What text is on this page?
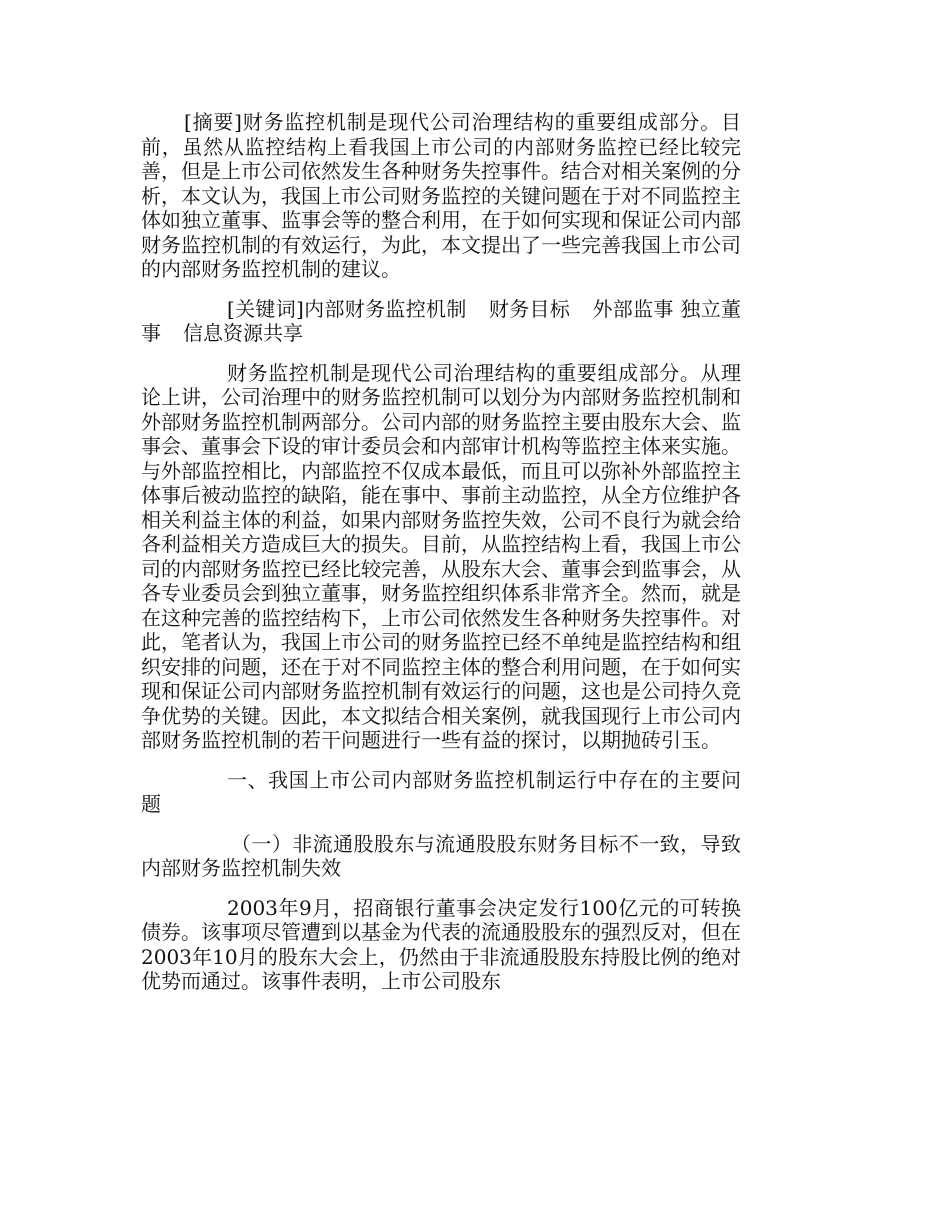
[摘要]财务监控机制是现代公司治理结构的重要组成部分。目前，虽然从监控结构上看我国上市公司的内部财务监控已经比较完善，但是上市公司依然发生各种财务失控事件。结合对相关案例的分析，本文认为，我国上市公司财务监控的关键问题在于对不同监控主体如独立董事、监事会等的整合利用，在于如何实现和保证公司内部财务监控机制的有效运行，为此，本文提出了一些完善我国上市公司的内部财务监控机制的建议。

[关键词]内部财务监控机制 财务目标 外部监事 独立董事 信息资源共享

财务监控机制是现代公司治理结构的重要组成部分。从理论上讲，公司治理中的财务监控机制可以划分为内部财务监控机制和外部财务监控机制两部分。公司内部的财务监控主要由股东大会、监事会、董事会下设的审计委员会和内部审计机构等监控主体来实施。与外部监控相比，内部监控不仅成本最低，而且可以弥补外部监控主体事后被动监控的缺陷，能在事中、事前主动监控，从全方位维护各相关利益主体的利益，如果内部财务监控失效，公司不良行为就会给各利益相关方造成巨大的损失。目前，从监控结构上看，我国上市公司的内部财务监控已经比较完善，从股东大会、董事会到监事会，从各专业委员会到独立董事，财务监控组织体系非常齐全。然而，就是在这种完善的监控结构下，上市公司依然发生各种财务失控事件。对此，笔者认为，我国上市公司的财务监控已经不单纯是监控结构和组织安排的问题，还在于对不同监控主体的整合利用问题，在于如何实现和保证公司内部财务监控机制有效运行的问题，这也是公司持久竞争优势的关键。因此，本文拟结合相关案例，就我国现行上市公司内部财务监控机制的若干问题进行一些有益的探讨，以期抛砖引玉。

一、我国上市公司内部财务监控机制运行中存在的主要问题

（一）非流通股股东与流通股股东财务目标不一致，导致内部财务监控机制失效

2003年9月，招商银行董事会决定发行100亿元的可转换债券。该事项尽管遭到以基金为代表的流通股股东的强烈反对，但在2003年10月的股东大会上，仍然由于非流通股股东持股比例的绝对优势而通过。该事件表明，上市公司股东
